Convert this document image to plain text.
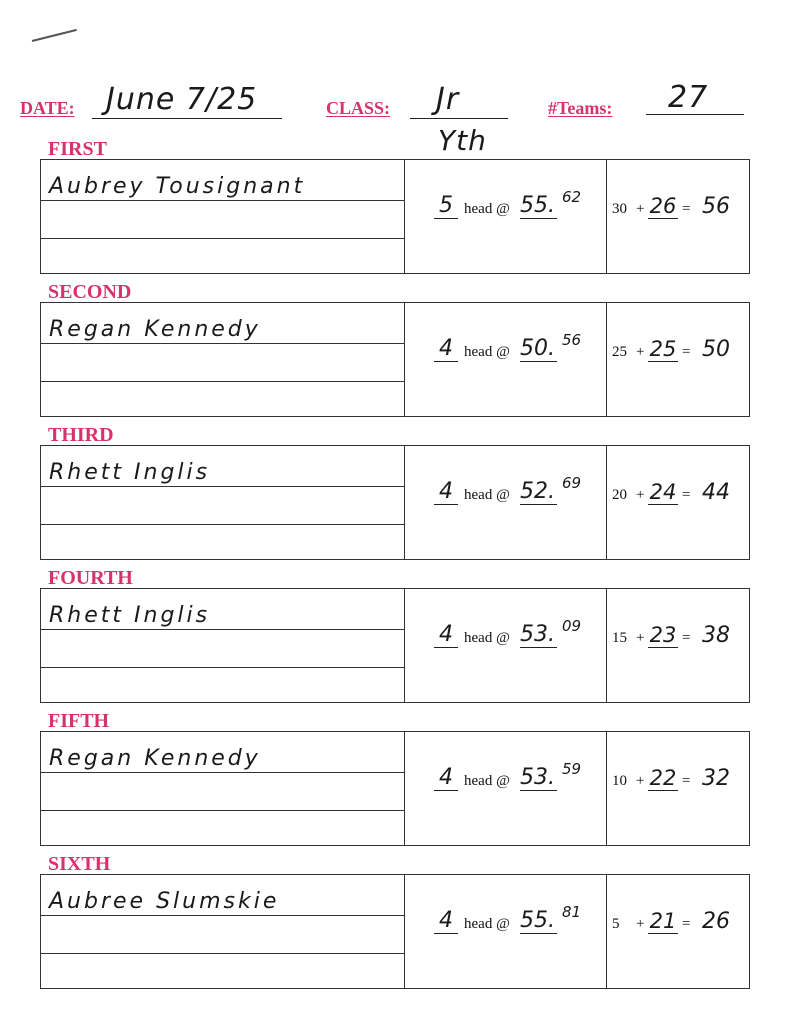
DATE: June 7/25	CLASS: Jr
Yth
#Teams: 27
FIRST
Aubrey Tousignant
5 head @ 55. 62
30 + 26 = 56
SECOND
Regan Kennedy
4 head @ 50. 56
25 + 25 = 50
THIRD
Rhett Inglis
4 head @ 52. 69
20 + 24 = 44
FOURTH
Rhett Inglis
4 head @ 53. 09
15 + 23 = 38
FIFTH
Regan Kennedy
4 head @ 53. 59
10 + 22 = 32
SIXTH
Aubree Slumskie
4 head @ 55. 81
5 + 21 = 26
